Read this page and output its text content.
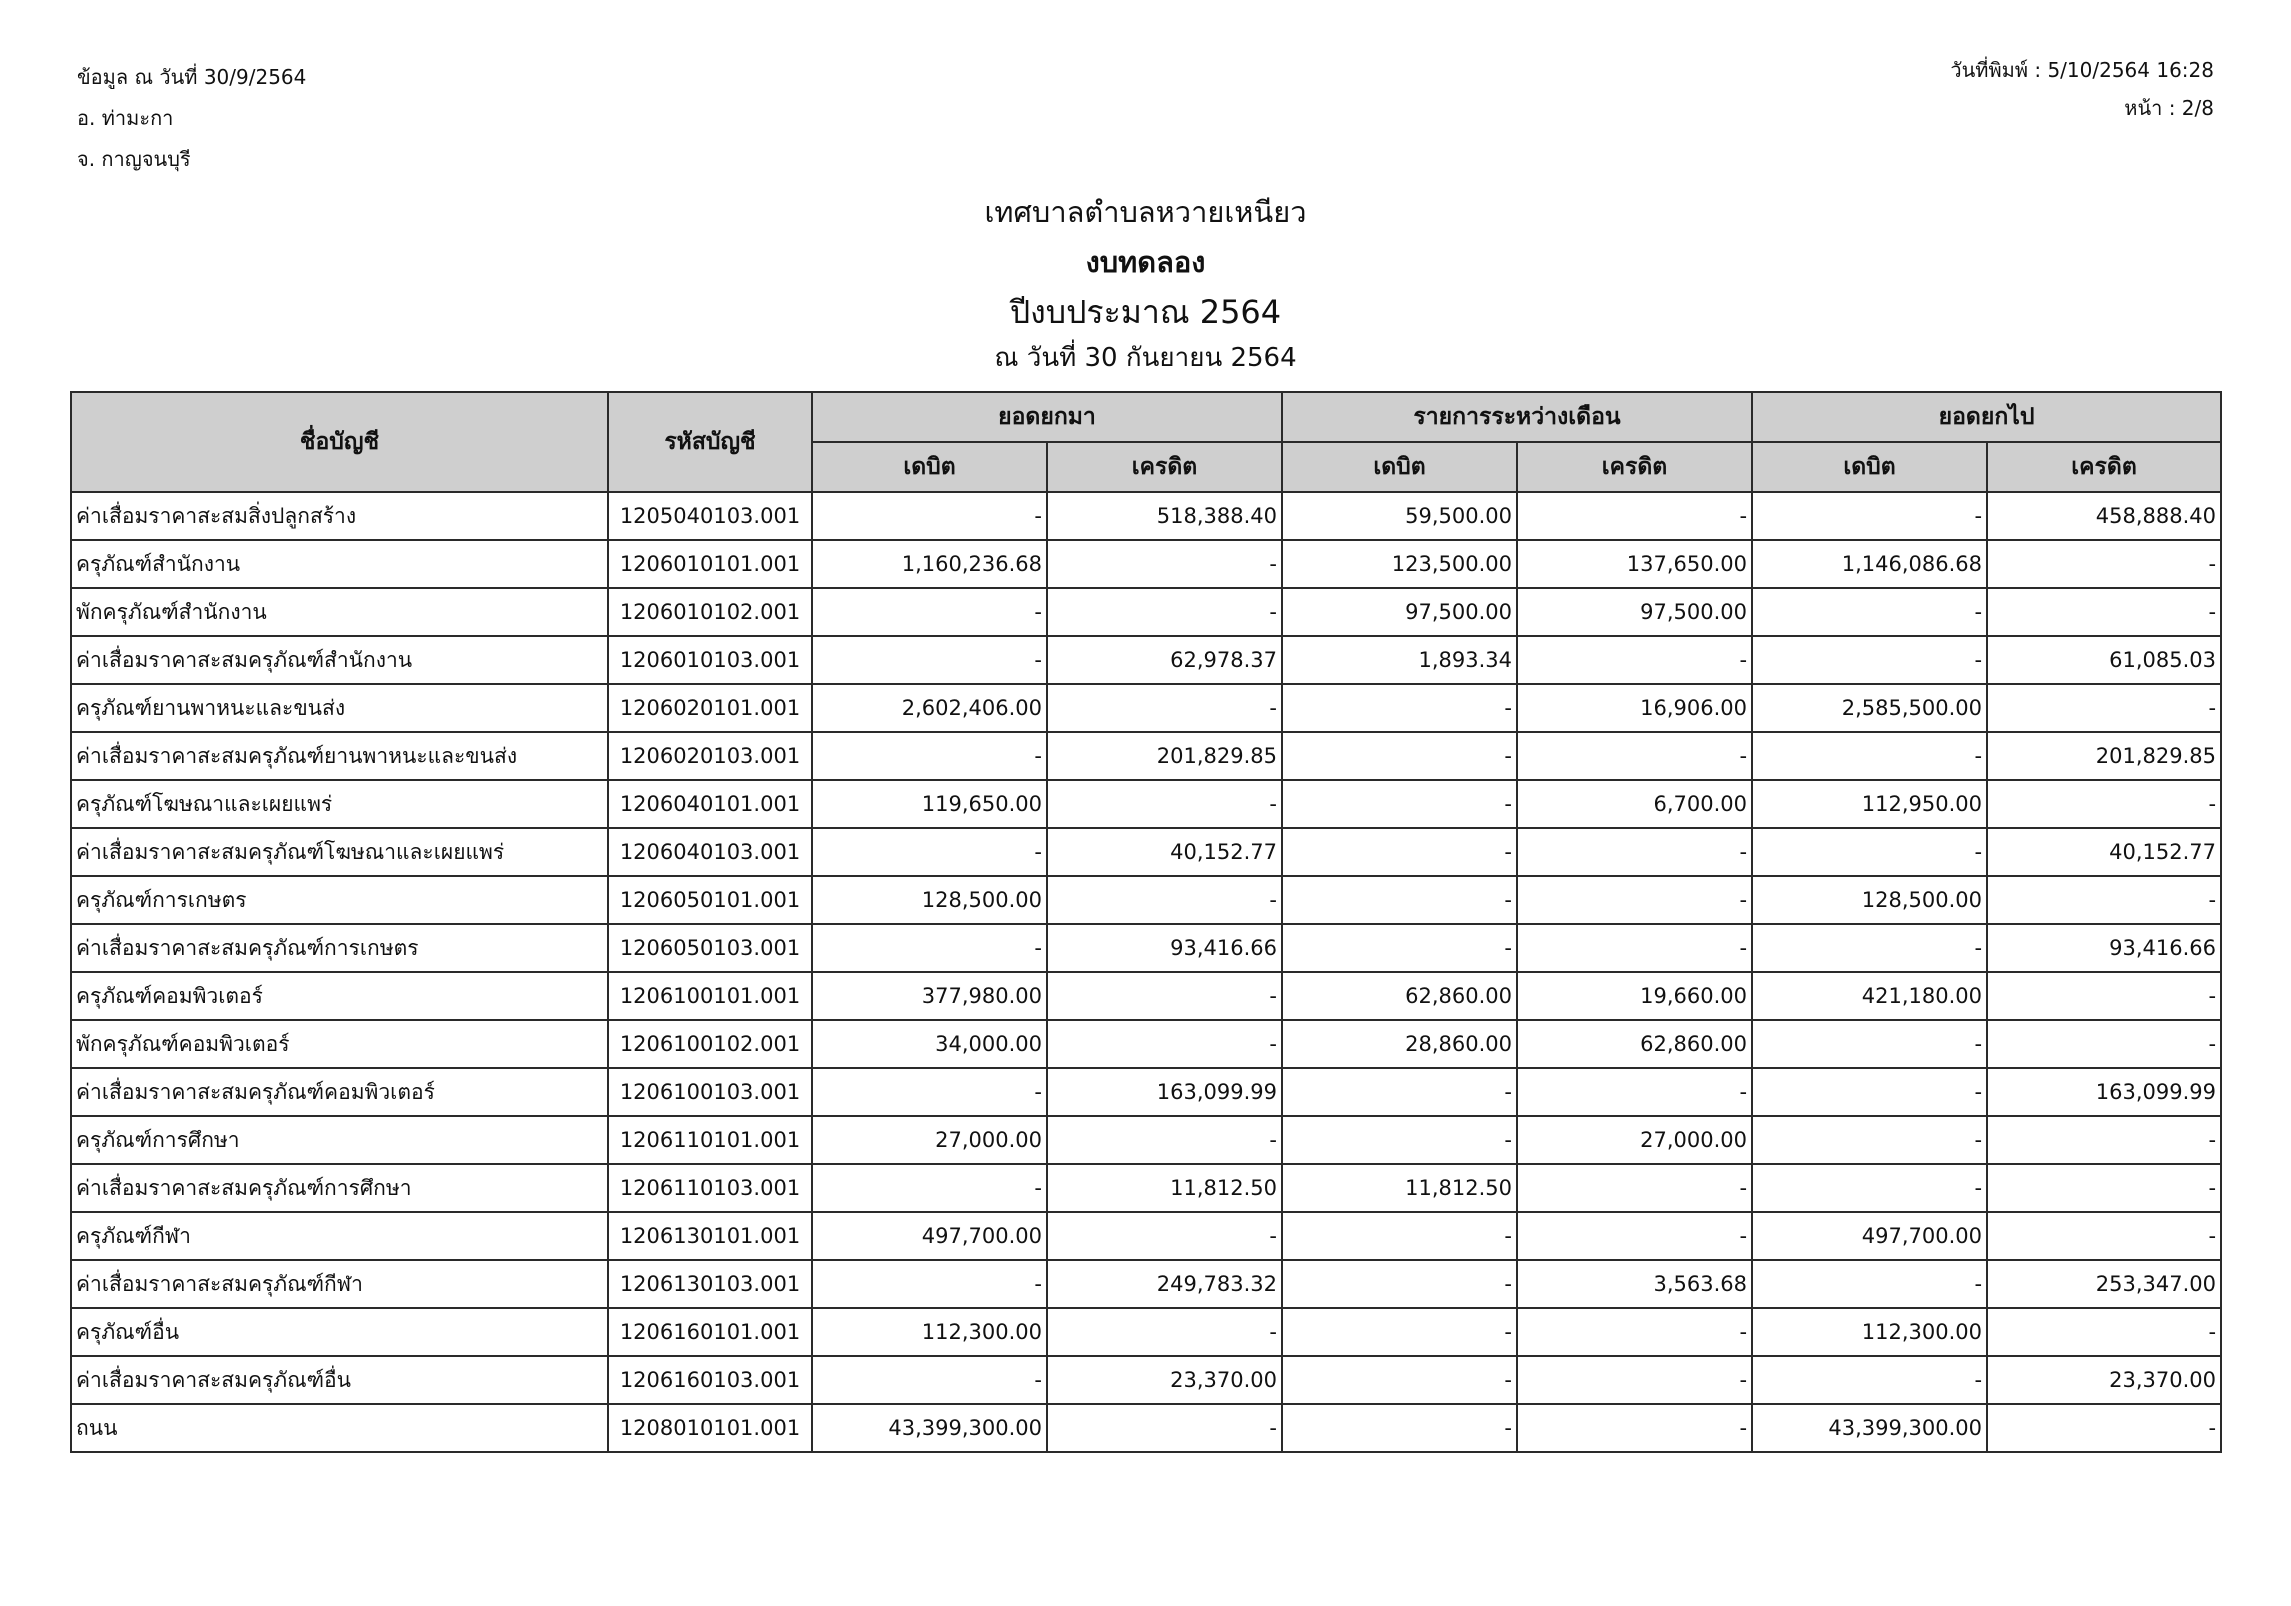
ข้อมูล ณ วันที่ 30/9/2564
อ. ท่ามะกา
จ. กาญจนบุรี
วันที่พิมพ์ : 5/10/2564 16:28
หน้า : 2/8
เทศบาลตำบลหวายเหนียว
งบทดลอง
ปีงบประมาณ 2564
ณ วันที่ 30 กันยายน 2564
ชื่อบัญชี	รหัสบัญชี	ยอดยกมา		รายการระหว่างเดือน		ยอดยกไป	
		เดบิต	เครดิต	เดบิต	เครดิต	เดบิต	เครดิต
ค่าเสื่อมราคาสะสมสิ่งปลูกสร้าง	1205040103.001	-	518,388.40	59,500.00	-	-	458,888.40
ครุภัณฑ์สำนักงาน	1206010101.001	1,160,236.68	-	123,500.00	137,650.00	1,146,086.68	-
พักครุภัณฑ์สำนักงาน	1206010102.001	-	-	97,500.00	97,500.00	-	-
ค่าเสื่อมราคาสะสมครุภัณฑ์สำนักงาน	1206010103.001	-	62,978.37	1,893.34	-	-	61,085.03
ครุภัณฑ์ยานพาหนะและขนส่ง	1206020101.001	2,602,406.00	-	-	16,906.00	2,585,500.00	-
ค่าเสื่อมราคาสะสมครุภัณฑ์ยานพาหนะและขนส่ง	1206020103.001	-	201,829.85	-	-	-	201,829.85
ครุภัณฑ์โฆษณาและเผยแพร่	1206040101.001	119,650.00	-	-	6,700.00	112,950.00	-
ค่าเสื่อมราคาสะสมครุภัณฑ์โฆษณาและเผยแพร่	1206040103.001	-	40,152.77	-	-	-	40,152.77
ครุภัณฑ์การเกษตร	1206050101.001	128,500.00	-	-	-	128,500.00	-
ค่าเสื่อมราคาสะสมครุภัณฑ์การเกษตร	1206050103.001	-	93,416.66	-	-	-	93,416.66
ครุภัณฑ์คอมพิวเตอร์	1206100101.001	377,980.00	-	62,860.00	19,660.00	421,180.00	-
พักครุภัณฑ์คอมพิวเตอร์	1206100102.001	34,000.00	-	28,860.00	62,860.00	-	-
ค่าเสื่อมราคาสะสมครุภัณฑ์คอมพิวเตอร์	1206100103.001	-	163,099.99	-	-	-	163,099.99
ครุภัณฑ์การศึกษา	1206110101.001	27,000.00	-	-	27,000.00	-	-
ค่าเสื่อมราคาสะสมครุภัณฑ์การศึกษา	1206110103.001	-	11,812.50	11,812.50	-	-	-
ครุภัณฑ์กีฬา	1206130101.001	497,700.00	-	-	-	497,700.00	-
ค่าเสื่อมราคาสะสมครุภัณฑ์กีฬา	1206130103.001	-	249,783.32	-	3,563.68	-	253,347.00
ครุภัณฑ์อื่น	1206160101.001	112,300.00	-	-	-	112,300.00	-
ค่าเสื่อมราคาสะสมครุภัณฑ์อื่น	1206160103.001	-	23,370.00	-	-	-	23,370.00
ถนน	1208010101.001	43,399,300.00	-	-	-	43,399,300.00	-
